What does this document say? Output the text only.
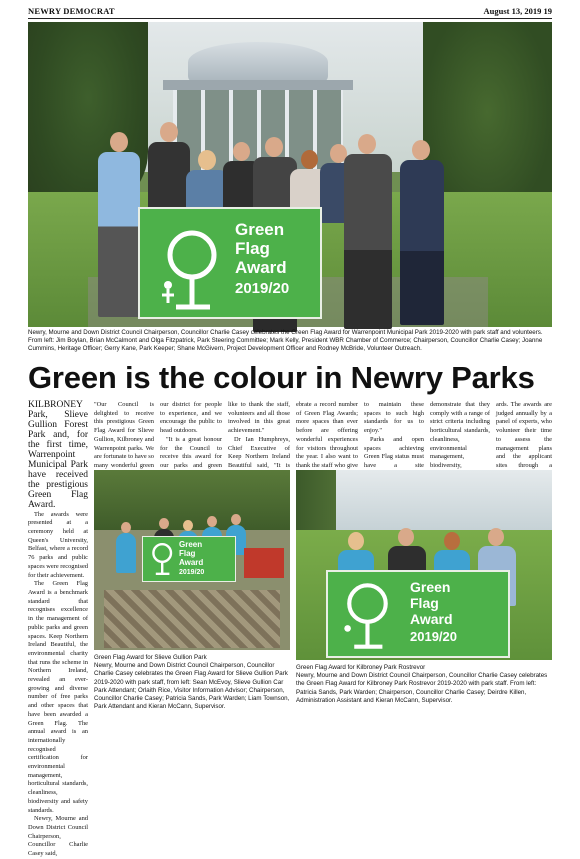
NEWRY DEMOCRAT	August 13, 2019 19
Green
Flag
Award
2019/20
Newry, Mourne and Down District Council Chairperson, Councillor Charlie Casey celebrates the Green Flag Award for Warrenpoint Municipal Park 2019-2020 with park staff and volunteers. From left: Jim Boylan, Brian McCalmont and Olga Fitzpatrick, Park Steering Committee; Mark Kelly, President WBR Chamber of Commerce; Chairperson, Councillor Charlie Casey; Joanne Cummins, Heritage Officer; Gerry Kane, Park Keeper; Shane McGivern, Project Development Officer and Rodney McBride, Volunteer Outreach.
Green is the colour in Newry Parks

KILBRONEY Park, Slieve Gullion Forest Park and, for the first time, Warrenpoint Municipal Park have received the prestigious Green Flag Award.

The awards were presented at a ceremony held at Queen's University, Belfast, where a record 76 parks and public spaces were recognised for their achievement.

The Green Flag Award is a benchmark standard that recognises excellence in the management of public parks and green spaces. Keep Northern Ireland Beautiful, the environmental charity that runs the scheme in Northern Ireland, revealed an ever-growing and diverse number of free parks and other spaces that have been awarded a Green Flag. The annual award is an internationally recognised certification for environmental management, horticultural standards, cleanliness, biodiversity and safety standards.

Newry, Mourne and Down District Council Chairperson, Councillor Charlie Casey said,

"Our Council is delighted to receive this prestigious Green Flag Award for Slieve Gullion, Kilbroney and Warrenpoint parks. We are fortunate to have so many wonderful green

our district for people to experience, and we encourage the public to head outdoors.

"It is a great honour for the Council to receive this award for our parks and green

like to thank the staff, volunteers and all those involved in this great achievement."

Dr Ian Humphreys, Chief Executive of Keep Northern Ireland Beautiful said, "It is

ebrate a record number of Green Flag Awards; more spaces than ever before are offering wonderful experiences for visitors throughout the year. I also want to thank the staff who give

to maintain these spaces to such high standards for us to enjoy."

Parks and open spaces achieving Green Flag status must have a site

demonstrate that they comply with a range of strict criteria including horticultural standards, cleanliness, environmental management, biodiversity,

ards. The awards are judged annually by a panel of experts, who volunteer their time to assess the management plans and the applicant sites through a

Green
Flag
Award
2019/20
Green Flag Award for Slieve Gullion Park
Newry, Mourne and Down District Council Chairperson, Councillor Charlie Casey celebrates the Green Flag Award for Slieve Gullion Park 2019-2020 with park staff, from left: Sean McEvoy, Slieve Gullion Car Park Attendant; Orlaith Rice, Visitor Information Advisor; Chairperson, Councillor Charlie Casey; Patricia Sands, Park Warden; Liam Townson, Park Attendant and Kieran McCann, Supervisor.
Green
Flag
Award
2019/20
Green Flag Award for Kilbroney Park Rostrevor
Newry, Mourne and Down District Council Chairperson, Councillor Charlie Casey celebrates the Green Flag Award for Kilbroney Park Rostrevor 2019-2020 with park staff. From left: Patricia Sands, Park Warden; Chairperson, Councillor Charlie Casey; Deirdre Killen, Administration Assistant and Kieran McCann, Supervisor.
